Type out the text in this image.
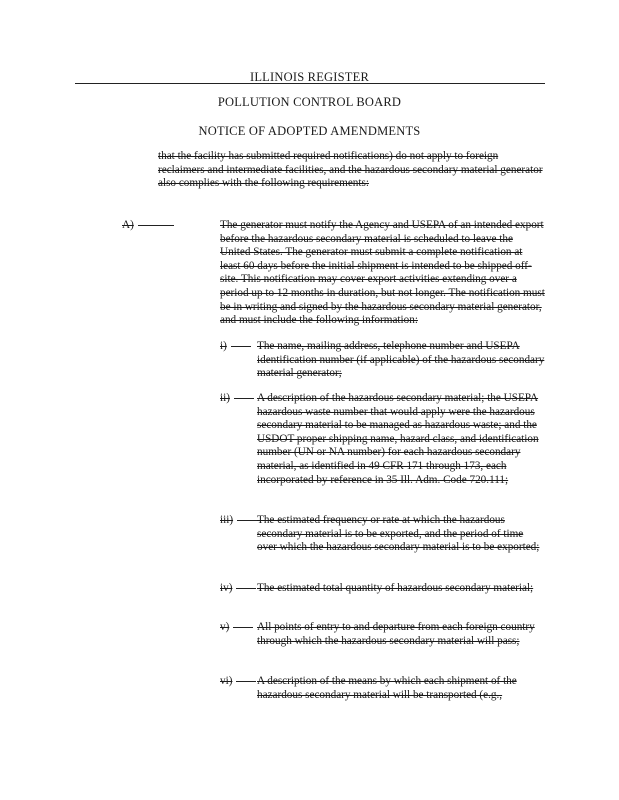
ILLINOIS REGISTER
POLLUTION CONTROL BOARD
NOTICE OF ADOPTED AMENDMENTS

that the facility has submitted required notifications) do not apply to foreign reclaimers and intermediate facilities, and the hazardous secondary material generator also complies with the following requirements:

A)	The generator must notify the Agency and USEPA of an intended export before the hazardous secondary material is scheduled to leave the United States. The generator must submit a complete notification at least 60 days before the initial shipment is intended to be shipped off-site. This notification may cover export activities extending over a period up to 12 months in duration, but not longer. The notification must be in writing and signed by the hazardous secondary material generator, and must include the following information:

i)	The name, mailing address, telephone number and USEPA identification number (if applicable) of the hazardous secondary material generator;

ii)	A description of the hazardous secondary material; the USEPA hazardous waste number that would apply were the hazardous secondary material to be managed as hazardous waste; and the USDOT proper shipping name, hazard class, and identification number (UN or NA number) for each hazardous secondary material, as identified in 49 CFR 171 through 173, each incorporated by reference in 35 Ill. Adm. Code 720.111;

iii)	The estimated frequency or rate at which the hazardous secondary material is to be exported, and the period of time over which the hazardous secondary material is to be exported;

iv)	The estimated total quantity of hazardous secondary material;

v)	All points of entry to and departure from each foreign country through which the hazardous secondary material will pass;

vi)	A description of the means by which each shipment of the hazardous secondary material will be transported (e.g.,
